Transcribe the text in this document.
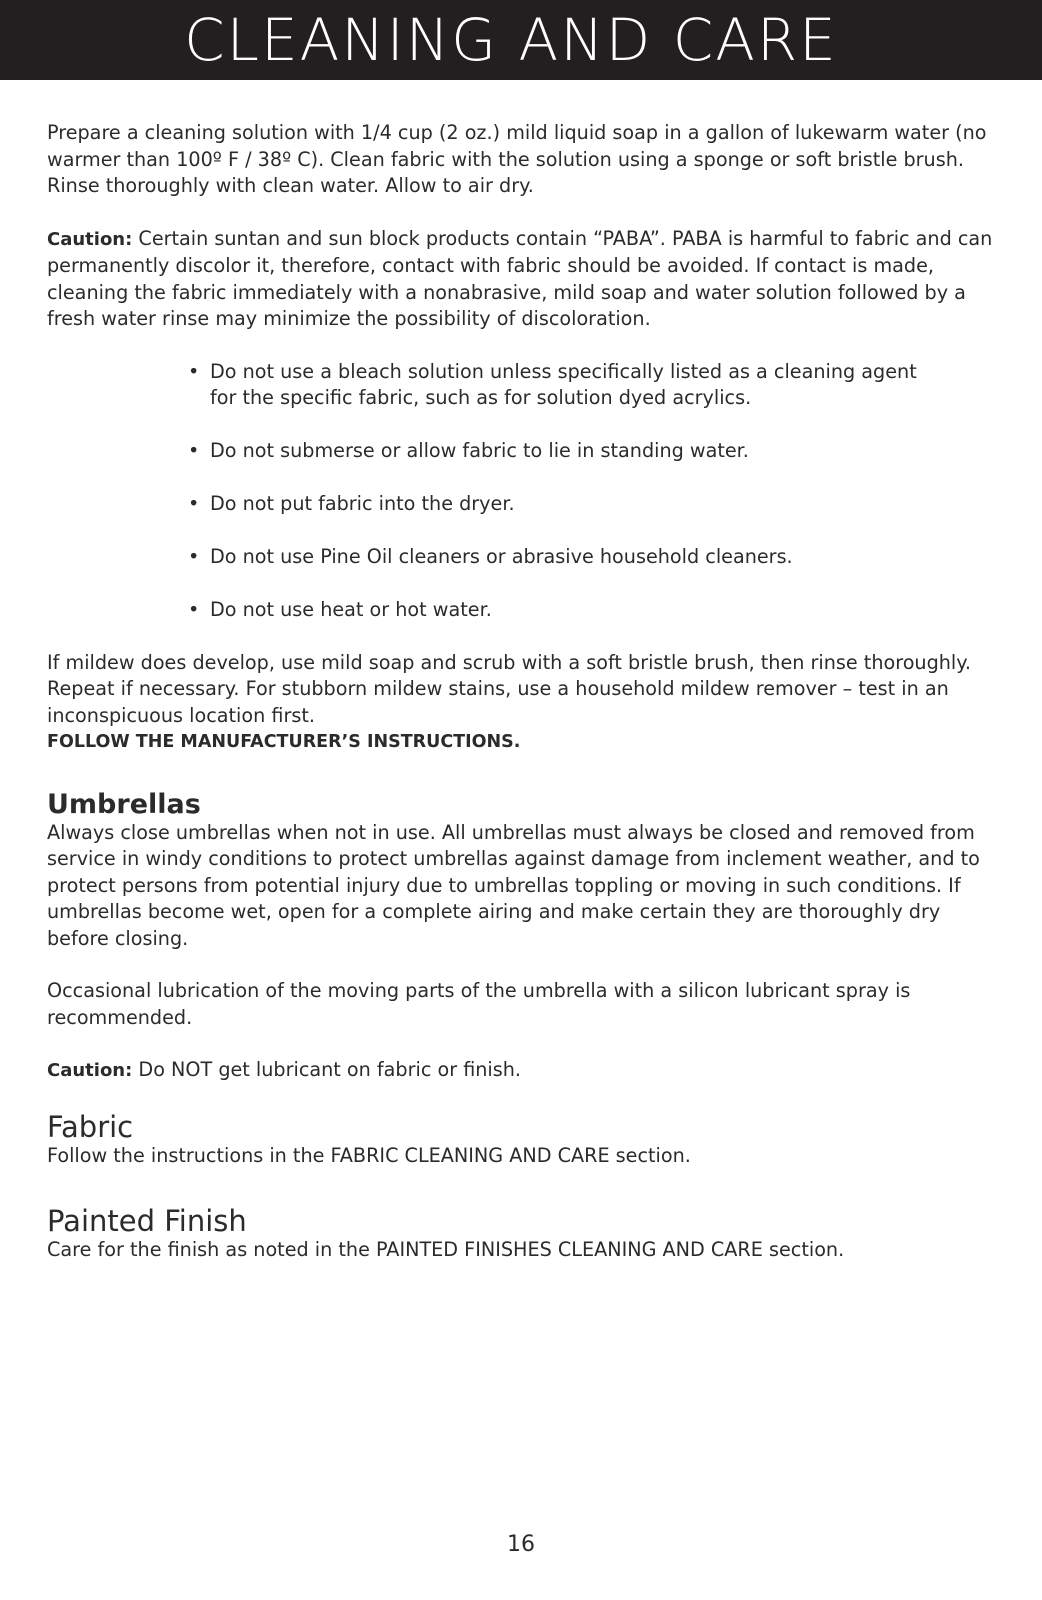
CLEANING AND CARE

Prepare a cleaning solution with 1/4 cup (2 oz.) mild liquid soap in a gallon of lukewarm water (no warmer than 100º F / 38º C). Clean fabric with the solution using a sponge or soft bristle brush. Rinse thoroughly with clean water. Allow to air dry.

Caution: Certain suntan and sun block products contain “PABA”. PABA is harmful to fabric and can permanently discolor it, therefore, contact with fabric should be avoided. If contact is made, cleaning the fabric immediately with a nonabrasive, mild soap and water solution followed by a fresh water rinse may minimize the possibility of discoloration.

• Do not use a bleach solution unless specifically listed as a cleaning agent for the specific fabric, such as for solution dyed acrylics.
• Do not submerse or allow fabric to lie in standing water.
• Do not put fabric into the dryer.
• Do not use Pine Oil cleaners or abrasive household cleaners.
• Do not use heat or hot water.

If mildew does develop, use mild soap and scrub with a soft bristle brush, then rinse thoroughly. Repeat if necessary. For stubborn mildew stains, use a household mildew remover – test in an inconspicuous location first.

FOLLOW THE MANUFACTURER’S INSTRUCTIONS.

Umbrellas

Always close umbrellas when not in use. All umbrellas must always be closed and removed from service in windy conditions to protect umbrellas against damage from inclement weather, and to protect persons from potential injury due to umbrellas toppling or moving in such conditions. If umbrellas become wet, open for a complete airing and make certain they are thoroughly dry before closing.

Occasional lubrication of the moving parts of the umbrella with a silicon lubricant spray is recommended.

Caution: Do NOT get lubricant on fabric or finish.

Fabric

Follow the instructions in the FABRIC CLEANING AND CARE section.

Painted Finish

Care for the finish as noted in the PAINTED FINISHES CLEANING AND CARE section.

16
